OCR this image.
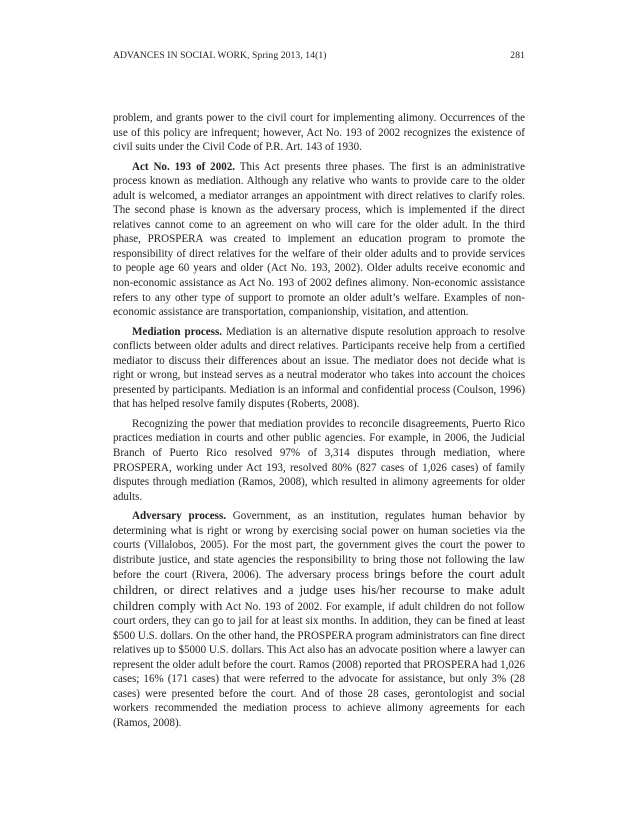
ADVANCES IN SOCIAL WORK, Spring 2013, 14(1)	281

problem, and grants power to the civil court for implementing alimony. Occurrences of the use of this policy are infrequent; however, Act No. 193 of 2002 recognizes the existence of civil suits under the Civil Code of P.R. Art. 143 of 1930.

Act No. 193 of 2002. This Act presents three phases. The first is an administrative process known as mediation. Although any relative who wants to provide care to the older adult is welcomed, a mediator arranges an appointment with direct relatives to clarify roles. The second phase is known as the adversary process, which is implemented if the direct relatives cannot come to an agreement on who will care for the older adult. In the third phase, PROSPERA was created to implement an education program to promote the responsibility of direct relatives for the welfare of their older adults and to provide services to people age 60 years and older (Act No. 193, 2002). Older adults receive economic and non-economic assistance as Act No. 193 of 2002 defines alimony. Non-economic assistance refers to any other type of support to promote an older adult’s welfare. Examples of non-economic assistance are transportation, companionship, visitation, and attention.

Mediation process. Mediation is an alternative dispute resolution approach to resolve conflicts between older adults and direct relatives. Participants receive help from a certified mediator to discuss their differences about an issue. The mediator does not decide what is right or wrong, but instead serves as a neutral moderator who takes into account the choices presented by participants. Mediation is an informal and confidential process (Coulson, 1996) that has helped resolve family disputes (Roberts, 2008).

Recognizing the power that mediation provides to reconcile disagreements, Puerto Rico practices mediation in courts and other public agencies. For example, in 2006, the Judicial Branch of Puerto Rico resolved 97% of 3,314 disputes through mediation, where PROSPERA, working under Act 193, resolved 80% (827 cases of 1,026 cases) of family disputes through mediation (Ramos, 2008), which resulted in alimony agreements for older adults.

Adversary process. Government, as an institution, regulates human behavior by determining what is right or wrong by exercising social power on human societies via the courts (Villalobos, 2005). For the most part, the government gives the court the power to distribute justice, and state agencies the responsibility to bring those not following the law before the court (Rivera, 2006). The adversary process brings before the court adult children, or direct relatives and a judge uses his/her recourse to make adult children comply with Act No. 193 of 2002. For example, if adult children do not follow court orders, they can go to jail for at least six months. In addition, they can be fined at least $500 U.S. dollars. On the other hand, the PROSPERA program administrators can fine direct relatives up to $5000 U.S. dollars. This Act also has an advocate position where a lawyer can represent the older adult before the court. Ramos (2008) reported that PROSPERA had 1,026 cases; 16% (171 cases) that were referred to the advocate for assistance, but only 3% (28 cases) were presented before the court. And of those 28 cases, gerontologist and social workers recommended the mediation process to achieve alimony agreements for each (Ramos, 2008).
